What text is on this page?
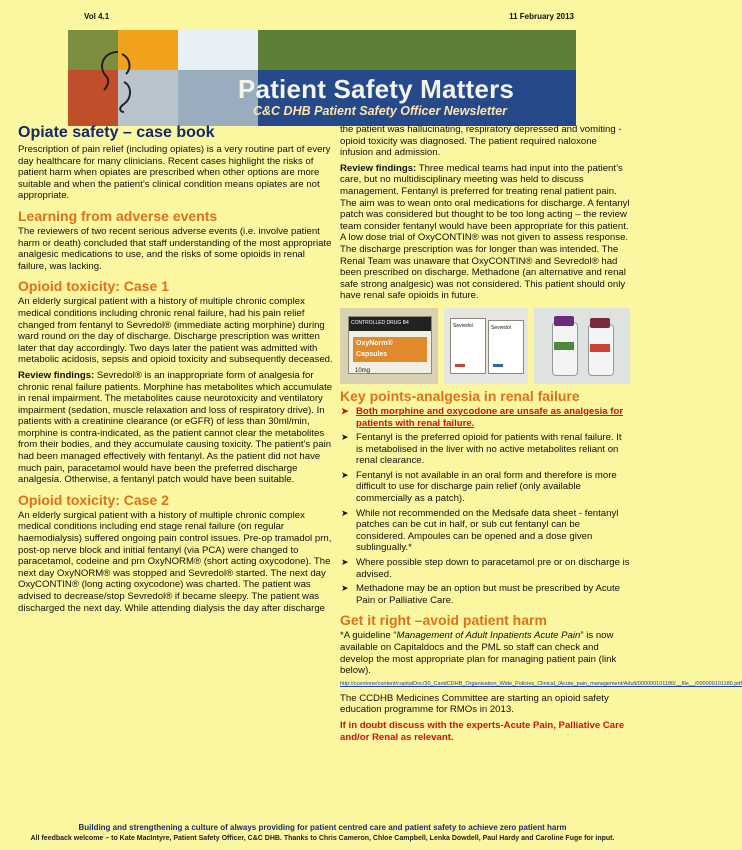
Vol 4.1	11 February 2013
Patient Safety Matters
C&C DHB Patient Safety Officer Newsletter
Opiate safety – case book

Prescription of pain relief (including opiates) is a very routine part of every day healthcare for many clinicians. Recent cases highlight the risks of patient harm when opiates are prescribed when other options are more suitable and when the patient’s clinical condition means opiates are not appropriate.

Learning from adverse events

The reviewers of two recent serious adverse events (i.e. involve patient harm or death) concluded that staff understanding of the most appropriate analgesic medications to use, and the risks of some opioids in renal failure, was lacking.

Opioid toxicity: Case 1

An elderly surgical patient with a history of multiple chronic complex medical conditions including chronic renal failure, had his pain relief changed from fentanyl to Sevredol® (immediate acting morphine) during ward round on the day of discharge. Discharge prescription was written later that day accordingly. Two days later the patient was admitted with metabolic acidosis, sepsis and opioid toxicity and subsequently deceased.

Review findings: Sevredol® is an inappropriate form of analgesia for chronic renal failure patients. Morphine has metabolites which accumulate in renal impairment. The metabolites cause neurotoxicity and ventilatory impairment (sedation, muscle relaxation and loss of respiratory drive). In patients with a creatinine clearance (or eGFR) of less than 30ml/min, morphine is contra-indicated, as the patient cannot clear the metabolites from their bodies, and they accumulate causing toxicity. The patient’s pain had been managed effectively with fentanyl. As the patient did not have much pain, paracetamol would have been the preferred discharge analgesia. Otherwise, a fentanyl patch would have been suitable.

Opioid toxicity: Case 2

An elderly surgical patient with a history of multiple chronic complex medical conditions including end stage renal failure (on regular haemodialysis) suffered ongoing pain control issues. Pre-op tramadol prn, post-op nerve block and initial fentanyl (via PCA) were changed to paracetamol, codeine and prn OxyNORM® (short acting oxycodone). The next day OxyNORM® was stopped and Sevredol® started. The next day OxyCONTIN® (long acting oxycodone) was charted. The patient was advised to decrease/stop Sevredol® if became sleepy. The patient was discharged the next day. While attending dialysis the day after discharge

the patient was hallucinating, respiratory depressed and vomiting -opioid toxicity was diagnosed. The patient required naloxone infusion and admission.

Review findings: Three medical teams had input into the patient’s care, but no multidisciplinary meeting was held to discuss management. Fentanyl is preferred for treating renal patient pain. The aim was to wean onto oral medications for discharge. A fentanyl patch was considered but thought to be too long acting – the review team consider fentanyl would have been appropriate for this patient. A low dose trial of OxyCONTIN® was not given to assess response. The discharge prescription was for longer than was intended. The Renal Team was unaware that OxyCONTIN® and Sevredol® had been prescribed on discharge. Methadone (an alternative and renal safe strong analgesic) was not considered. This patient should only have renal safe opioids in future.

CONTROLLED DRUG B4
OxyNorm® Capsules
10mg
Sevredol	Sevredol
Key points-analgesia in renal failure
➤ Both morphine and oxycodone are unsafe as analgesia for patients with renal failure.
➤ Fentanyl is the preferred opioid for patients with renal failure. It is metabolised in the liver with no active metabolites reliant on renal clearance.
➤ Fentanyl is not available in an oral form and therefore is more difficult to use for discharge pain relief (only available commercially as a patch).
➤ While not recommended on the Medsafe data sheet - fentanyl patches can be cut in half, or sub cut fentanyl can be considered. Ampoules can be opened and a dose given sublingually.*
➤ Where possible step down to paracetamol pre or on discharge is advised.
➤ Methadone may be an option but must be prescribed by Acute Pain or Palliative Care.
Get it right –avoid patient harm

*A guideline “Management of Adult Inpatients Acute Pain” is now available on Capitaldocs and the PML so staff can check and develop the most appropriate plan for managing patient pain (link below).

http://ccentone/content/capitalDoc/30_CandCDHB_Organisation_Wide_Policies_Clinical_/Acute_pain_management/Adult/000000101180/__file__/000000101180.pdf

The CCDHB Medicines Committee are starting an opioid safety education programme for RMOs in 2013.

If in doubt discuss with the experts-Acute Pain, Palliative Care and/or Renal as relevant.

Building and strengthening a culture of always providing for patient centred care and patient safety to achieve zero patient harm
All feedback welcome – to Kate MacIntyre, Patient Safety Officer, C&C DHB. Thanks to Chris Cameron, Chloe Campbell, Lenka Dowdell, Paul Hardy and Caroline Fuge for input.
